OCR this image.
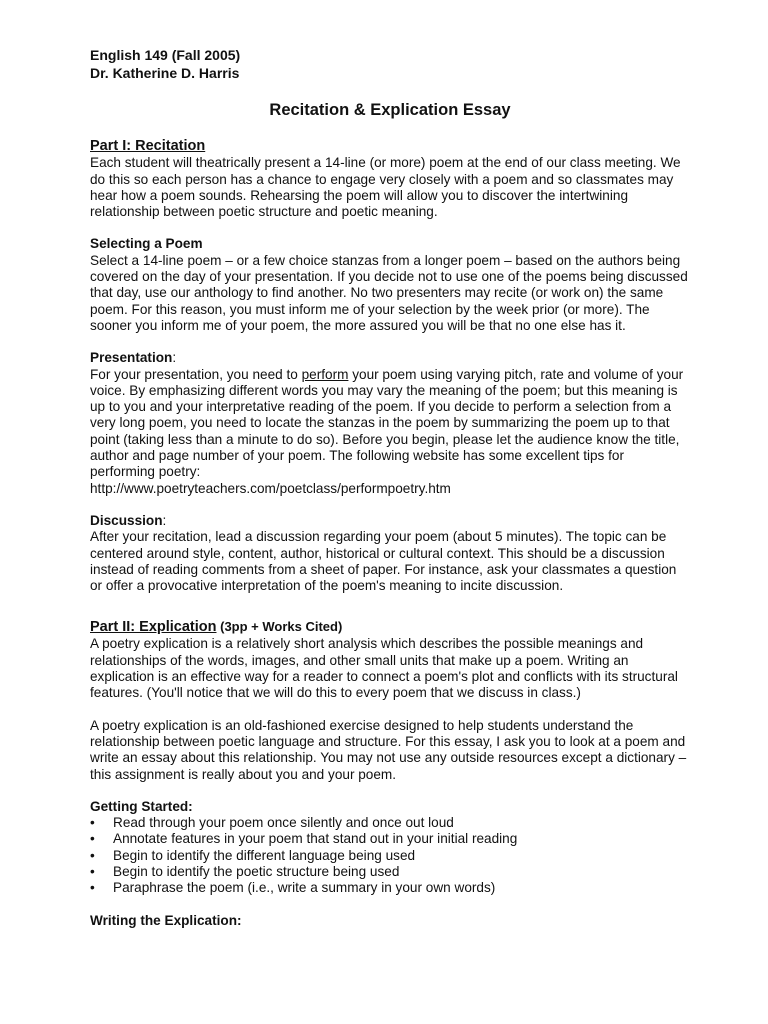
English 149 (Fall 2005)
Dr. Katherine D. Harris
Recitation & Explication Essay
Part I: Recitation

Each student will theatrically present a 14-line (or more) poem at the end of our class meeting. We do this so each person has a chance to engage very closely with a poem and so classmates may hear how a poem sounds. Rehearsing the poem will allow you to discover the intertwining relationship between poetic structure and poetic meaning.

Selecting a Poem

Select a 14-line poem – or a few choice stanzas from a longer poem – based on the authors being covered on the day of your presentation. If you decide not to use one of the poems being discussed that day, use our anthology to find another. No two presenters may recite (or work on) the same poem. For this reason, you must inform me of your selection by the week prior (or more). The sooner you inform me of your poem, the more assured you will be that no one else has it.

Presentation:

For your presentation, you need to perform your poem using varying pitch, rate and volume of your voice. By emphasizing different words you may vary the meaning of the poem; but this meaning is up to you and your interpretative reading of the poem. If you decide to perform a selection from a very long poem, you need to locate the stanzas in the poem by summarizing the poem up to that point (taking less than a minute to do so). Before you begin, please let the audience know the title, author and page number of your poem. The following website has some excellent tips for performing poetry:

http://www.poetryteachers.com/poetclass/performpoetry.htm

Discussion:

After your recitation, lead a discussion regarding your poem (about 5 minutes). The topic can be centered around style, content, author, historical or cultural context. This should be a discussion instead of reading comments from a sheet of paper. For instance, ask your classmates a question or offer a provocative interpretation of the poem's meaning to incite discussion.

Part II: Explication (3pp + Works Cited)

A poetry explication is a relatively short analysis which describes the possible meanings and relationships of the words, images, and other small units that make up a poem. Writing an explication is an effective way for a reader to connect a poem's plot and conflicts with its structural features. (You'll notice that we will do this to every poem that we discuss in class.)

A poetry explication is an old-fashioned exercise designed to help students understand the relationship between poetic language and structure. For this essay, I ask you to look at a poem and write an essay about this relationship. You may not use any outside resources except a dictionary – this assignment is really about you and your poem.

Getting Started:
• Read through your poem once silently and once out loud
• Annotate features in your poem that stand out in your initial reading
• Begin to identify the different language being used
• Begin to identify the poetic structure being used
• Paraphrase the poem (i.e., write a summary in your own words)
Writing the Explication:
